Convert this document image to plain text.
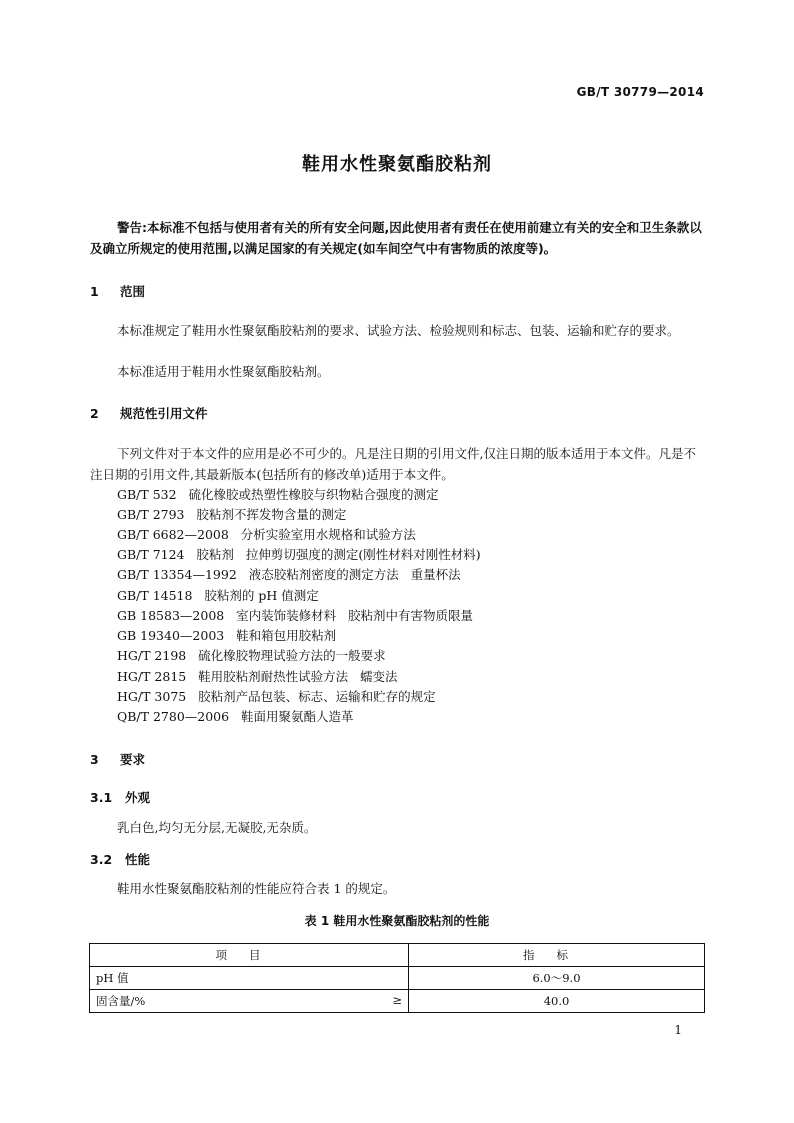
GB/T 30779—2014
鞋用水性聚氨酯胶粘剂
警告:本标准不包括与使用者有关的所有安全问题,因此使用者有责任在使用前建立有关的安全和卫生条款以及确立所规定的使用范围,以满足国家的有关规定(如车间空气中有害物质的浓度等)。
1 范围
本标准规定了鞋用水性聚氨酯胶粘剂的要求、试验方法、检验规则和标志、包装、运输和贮存的要求。
本标准适用于鞋用水性聚氨酯胶粘剂。
2 规范性引用文件
下列文件对于本文件的应用是必不可少的。凡是注日期的引用文件,仅注日期的版本适用于本文件。凡是不注日期的引用文件,其最新版本(包括所有的修改单)适用于本文件。
GB/T 532   硫化橡胶或热塑性橡胶与织物粘合强度的测定
GB/T 2793   胶粘剂不挥发物含量的测定
GB/T 6682—2008   分析实验室用水规格和试验方法
GB/T 7124   胶粘剂   拉伸剪切强度的测定(刚性材料对刚性材料)
GB/T 13354—1992   液态胶粘剂密度的测定方法   重量杯法
GB/T 14518   胶粘剂的 pH 值测定
GB 18583—2008   室内装饰装修材料   胶粘剂中有害物质限量
GB 19340—2003   鞋和箱包用胶粘剂
HG/T 2198   硫化橡胶物理试验方法的一般要求
HG/T 2815   鞋用胶粘剂耐热性试验方法   蠕变法
HG/T 3075   胶粘剂产品包装、标志、运输和贮存的规定
QB/T 2780—2006   鞋面用聚氨酯人造革
3 要求
3.1 外观
乳白色,均匀无分层,无凝胶,无杂质。
3.2 性能
鞋用水性聚氨酯胶粘剂的性能应符合表 1 的规定。
表 1 鞋用水性聚氨酯胶粘剂的性能
项目	指标

pH 值	6.0～9.0

固含量/% ≥	40.0
1
